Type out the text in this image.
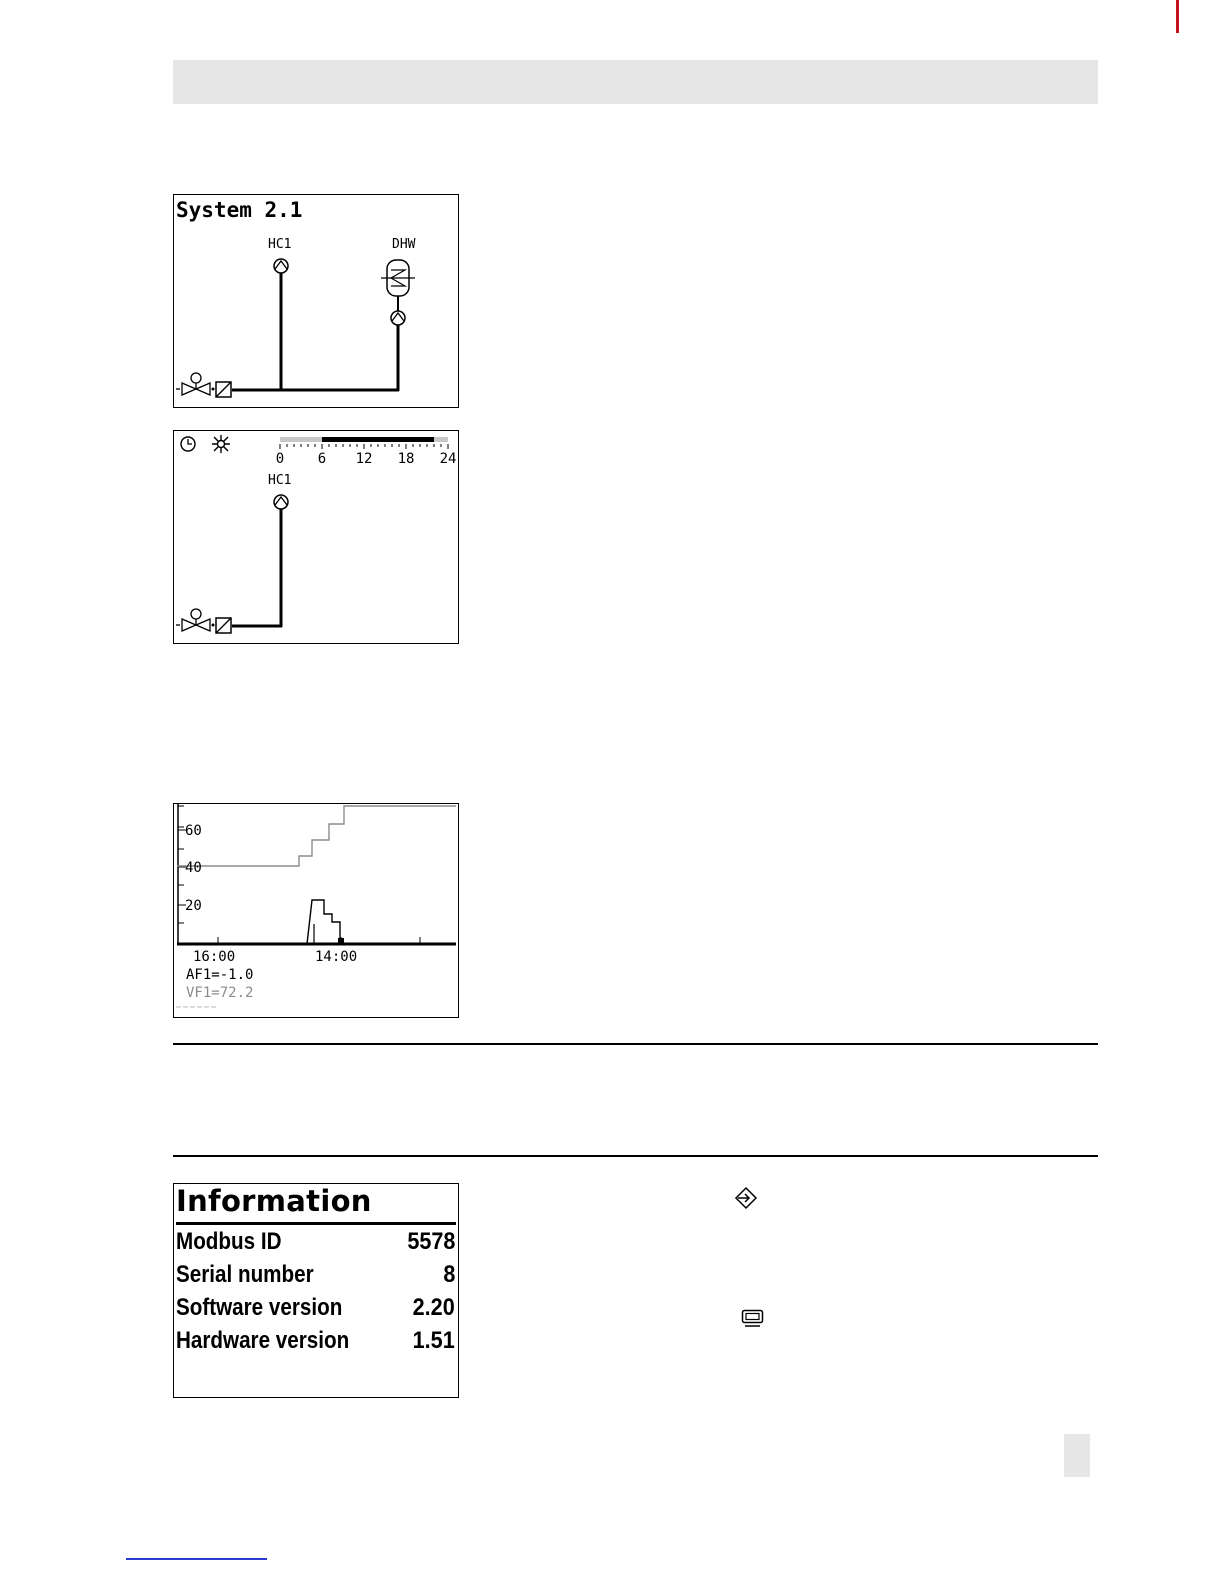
System 2.1
HC1	DHW
0 6 12 18 24
HC1
60
40
20
16:00	14:00
AF1=-1.0
VF1=72.2
Information
Modbus ID	5578
Serial number	8
Software version	2.20
Hardware version	1.51
